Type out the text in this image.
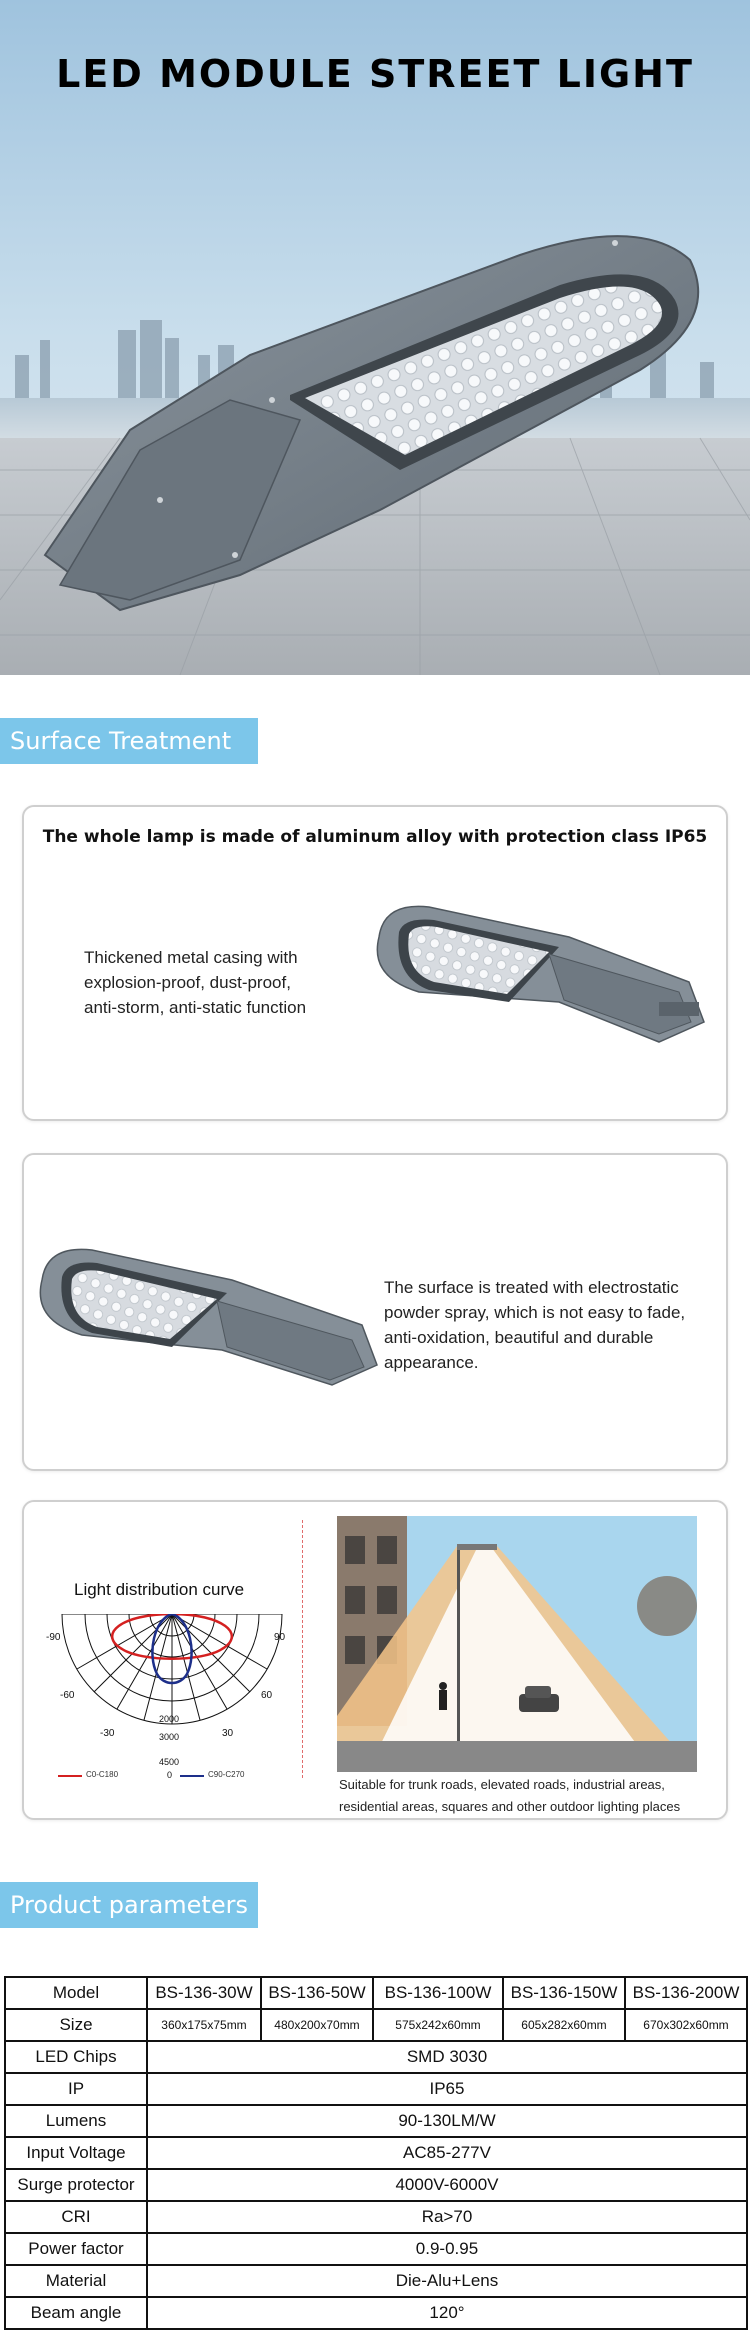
LED MODULE STREET LIGHT
Surface Treatment
The whole lamp is made of aluminum alloy with protection class IP65
Thickened metal casing with
explosion-proof, dust-proof,
anti-storm, anti-static function
The surface is treated with electrostatic
powder spray, which is not easy to fade,
anti-oxidation, beautiful and durable
appearance.
Light distribution curve
-90	90
-60	60
-30	30
0
2000
3000
4500
C0-C180	C90-C270
Suitable for trunk roads, elevated roads, industrial areas,
residential areas, squares and other outdoor lighting places
Product parameters
Model	BS-136-30W	BS-136-50W	BS-136-100W	BS-136-150W	BS-136-200W
Size	360x175x75mm	480x200x70mm	575x242x60mm	605x282x60mm	670x302x60mm
LED Chips	SMD 3030				
IP	IP65				
Lumens	90-130LM/W				
Input Voltage	AC85-277V				
Surge protector	4000V-6000V				
CRI	Ra>70				
Power factor	0.9-0.95				
Material	Die-Alu+Lens				
Beam angle	120°				
